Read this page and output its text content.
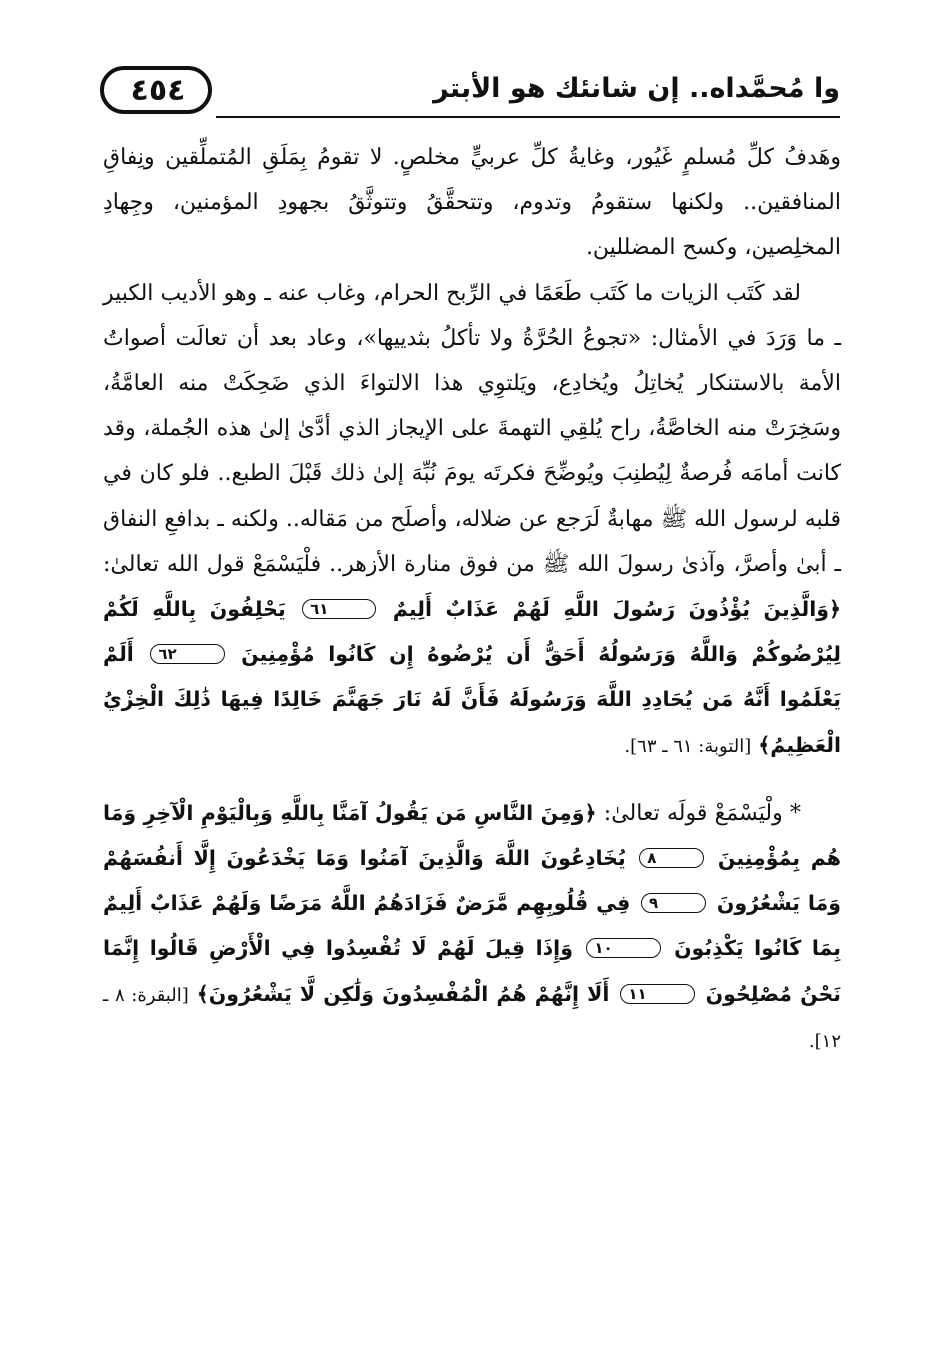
٤٥٤	وا مُحمَّداه.. إن شانئك هو الأبتر

وهَدفُ كلِّ مُسلمٍ غَيُور، وغايةُ كلِّ عربيٍّ مخلصٍ. لا تقومُ بِمَلَقِ المُتملِّقين ونِفاقِ المنافقين.. ولكنها ستقومُ وتدوم، وتتحقَّقُ وتتوثَّقُ بجهودِ المؤمنين، وجِهادِ المخلِصين، وكسح المضللين.

لقد كَتَب الزيات ما كَتَب طَعَمًا في الرِّبح الحرام، وغاب عنه ـ وهو الأديب الكبير ـ ما وَرَدَ في الأمثال: «تجوعُ الحُرَّةُ ولا تأكلُ بثدييها»، وعاد بعد أن تعالَت أصواتُ الأمة بالاستنكار يُخاتِلُ ويُخادِع، ويَلتوِي هذا الالتواءَ الذي ضَحِكَتْ منه العامَّةُ، وسَخِرَتْ منه الخاصَّةُ، راح يُلقِي التهمةَ على الإيجاز الذي أدَّىٰ إلىٰ هذه الجُملة، وقد كانت أمامَه فُرصةٌ لِيُطنِبَ ويُوضِّحَ فكرتَه يومَ نُبِّهَ إلىٰ ذلك قَبْلَ الطبع.. فلو كان في قلبه لرسول الله ﷺ مهابةٌ لَرَجع عن ضلاله، وأصلَح من مَقاله.. ولكنه ـ بدافعِ النفاق ـ أبىٰ وأصرَّ، وآذىٰ رسولَ الله ﷺ من فوق منارة الأزهر.. فلْيَسْمَعْ قول الله تعالىٰ: ﴿وَالَّذِينَ يُؤْذُونَ رَسُولَ اللَّهِ لَهُمْ عَذَابٌ أَلِيمٌ ٦١ يَحْلِفُونَ بِاللَّهِ لَكُمْ لِيُرْضُوكُمْ وَاللَّهُ وَرَسُولُهُ أَحَقُّ أَن يُرْضُوهُ إِن كَانُوا مُؤْمِنِينَ ٦٢ أَلَمْ يَعْلَمُوا أَنَّهُ مَن يُحَادِدِ اللَّهَ وَرَسُولَهُ فَأَنَّ لَهُ نَارَ جَهَنَّمَ خَالِدًا فِيهَا ذَٰلِكَ الْخِزْيُ الْعَظِيمُ﴾ [التوبة: ٦١ ـ ٦٣].

* ولْيَسْمَعْ قولَه تعالىٰ: ﴿وَمِنَ النَّاسِ مَن يَقُولُ آمَنَّا بِاللَّهِ وَبِالْيَوْمِ الْآخِرِ وَمَا هُم بِمُؤْمِنِينَ ٨ يُخَادِعُونَ اللَّهَ وَالَّذِينَ آمَنُوا وَمَا يَخْدَعُونَ إِلَّا أَنفُسَهُمْ وَمَا يَشْعُرُونَ ٩ فِي قُلُوبِهِم مَّرَضٌ فَزَادَهُمُ اللَّهُ مَرَضًا وَلَهُمْ عَذَابٌ أَلِيمٌ بِمَا كَانُوا يَكْذِبُونَ ١٠ وَإِذَا قِيلَ لَهُمْ لَا تُفْسِدُوا فِي الْأَرْضِ قَالُوا إِنَّمَا نَحْنُ مُصْلِحُونَ ١١ أَلَا إِنَّهُمْ هُمُ الْمُفْسِدُونَ وَلَٰكِن لَّا يَشْعُرُونَ﴾ [البقرة: ٨ ـ ١٢].
